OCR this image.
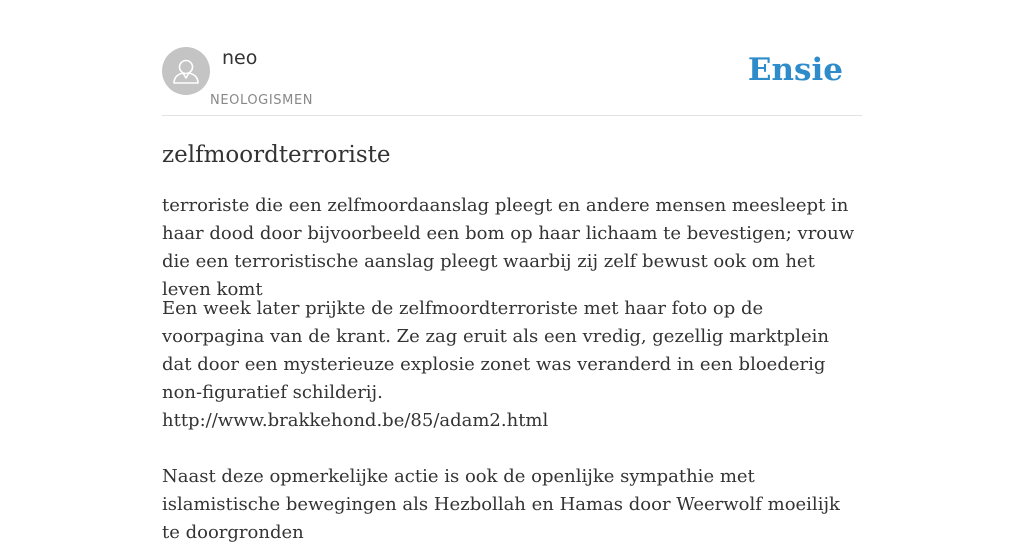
neo
NEOLOGISMEN
Ensie
zelfmoordterroriste

terroriste die een zelfmoordaanslag pleegt en andere mensen meesleept in haar dood door bijvoorbeeld een bom op haar lichaam te bevestigen; vrouw die een terroristische aanslag pleegt waarbij zij zelf bewust ook om het leven komt

Een week later prijkte de zelfmoordterroriste met haar foto op de voorpagina van de krant. Ze zag eruit als een vredig, gezellig marktplein dat door een mysterieuze explosie zonet was veranderd in een bloederig non-figuratief schilderij.
http://www.brakkehond.be/85/adam2.html
Naast deze opmerkelijke actie is ook de openlijke sympathie met islamistische bewegingen als Hezbollah en Hamas door Weerwolf moeilijk te doorgronden
